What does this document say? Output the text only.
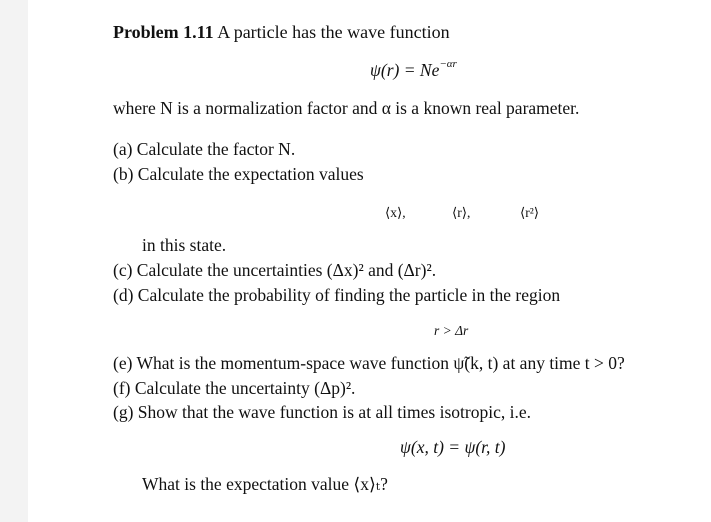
Problem 1.11 A particle has the wave function
$\psi(r) = Ne^{-\alpha r}$
where N is a normalization factor and α is a known real parameter.
(a) Calculate the factor N.
(b) Calculate the expectation values
⟨x⟩,	⟨r⟩,	⟨r²⟩
in this state.
(c) Calculate the uncertainties (Δx)² and (Δr)².
(d) Calculate the probability of finding the particle in the region
r > Δr
(e) What is the momentum-space wave function ψ̃(k, t) at any time t > 0?
(f) Calculate the uncertainty (Δp)².
(g) Show that the wave function is at all times isotropic, i.e.
ψ(x, t) = ψ(r, t)
What is the expectation value ⟨x⟩ₜ?
